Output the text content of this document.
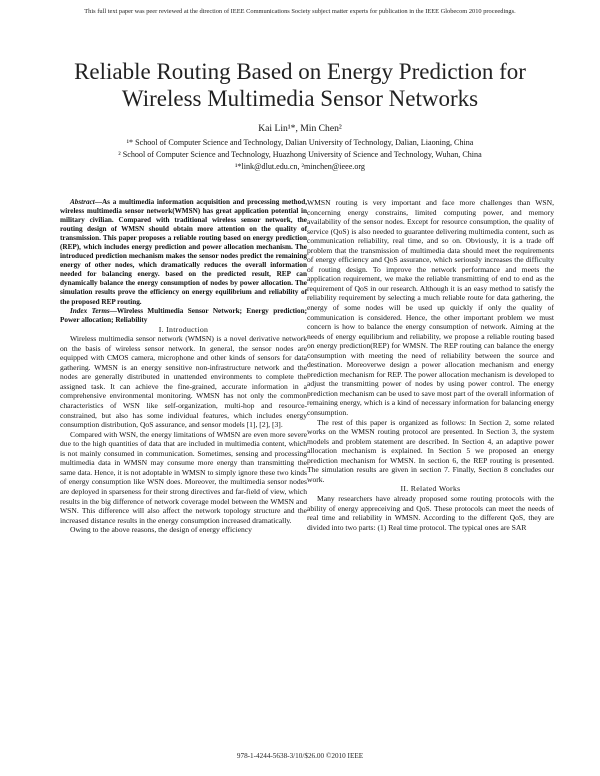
This full text paper was peer reviewed at the direction of IEEE Communications Society subject matter experts for publication in the IEEE Globecom 2010 proceedings.
Reliable Routing Based on Energy Prediction for
Wireless Multimedia Sensor Networks
Kai Lin¹*, Min Chen²
¹* School of Computer Science and Technology, Dalian University of Technology, Dalian, Liaoning, China
² School of Computer Science and Technology, Huazhong University of Science and Technology, Wuhan, China
¹*link@dlut.edu.cn, ²minchen@ieee.org

Abstract—As a multimedia information acquisition and processing method, wireless multimedia sensor network(WMSN) has great application potential in military civilian. Compared with traditional wireless sensor network, the routing design of WMSN should obtain more attention on the quality of transmission. This paper proposes a reliable routing based on energy prediction (REP), which includes energy prediction and power allocation mechanism. The introduced prediction mechanism makes the sensor nodes predict the remaining energy of other nodes, which dramatically reduces the overall information needed for balancing energy. based on the predicted result, REP can dynamically balance the energy consumption of nodes by power allocation. The simulation results prove the efficiency on energy equilibrium and reliability of the proposed REP routing.

Index Terms—Wireless Multimedia Sensor Network; Energy prediction; Power allocation; Reliability

I. Introduction

Wireless multimedia sensor network (WMSN) is a novel derivative network on the basis of wireless sensor network. In general, the sensor nodes are equipped with CMOS camera, microphone and other kinds of sensors for data gathering. WMSN is an energy sensitive non-infrastructure network and the nodes are generally distributed in unattended environments to complete the assigned task. It can achieve the fine-grained, accurate information in a comprehensive environmental monitoring. WMSN has not only the common characteristics of WSN like self-organization, multi-hop and resource-constrained, but also has some individual features, which includes energy consumption distribution, QoS assurance, and sensor models [1], [2], [3].

Compared with WSN, the energy limitations of WMSN are even more severe due to the high quantities of data that are included in multimedia content, which is not mainly consumed in communication. Sometimes, sensing and processing multimedia data in WMSN may consume more energy than transmitting the same data. Hence, it is not adoptable in WMSN to simply ignore these two kinds of energy consumption like WSN does. Moreover, the multimedia sensor nodes are deployed in sparseness for their strong directives and far-field of view, which results in the big difference of network coverage model between the WMSN and WSN. This difference will also affect the network topology structure and the increased distance results in the energy consumption increased dramatically.

Owing to the above reasons, the design of energy efficiency

WMSN routing is very important and face more challenges than WSN, concerning energy constrains, limited computing power, and memory availability of the sensor nodes. Except for resource consumption, the quality of service (QoS) is also needed to guarantee delivering multimedia content, such as communication reliability, real time, and so on. Obviously, it is a trade off problem that the transmission of multimedia data should meet the requirements of energy efficiency and QoS assurance, which seriously increases the difficulty of routing design. To improve the network performance and meets the application requirement, we make the reliable transmitting of end to end as the requirement of QoS in our research. Although it is an easy method to satisfy the reliability requirement by selecting a much reliable route for data gathering, the energy of some nodes will be used up quickly if only the quality of communication is considered. Hence, the other important problem we must concern is how to balance the energy consumption of network. Aiming at the needs of energy equilibrium and reliability, we propose a reliable routing based on energy prediction(REP) for WMSN. The REP routing can balance the energy consumption with meeting the need of reliability between the source and destination. Moreoverwe design a power allocation mechanism and energy prediction mechanism for REP. The power allocation mechanism is developed to adjust the transmitting power of nodes by using power control. The energy prediction mechanism can be used to save most part of the overall information of remaining energy, which is a kind of necessary information for balancing energy consumption.

The rest of this paper is organized as follows: In Section 2, some related works on the WMSN routing protocol are presented. In Section 3, the system models and problem statement are described. In Section 4, an adaptive power allocation mechanism is explained. In Section 5 we proposed an energy prediction mechanism for WMSN. In section 6, the REP routing is presented. The simulation results are given in section 7. Finally, Section 8 concludes our work.

II. Related Works

Many researchers have already proposed some routing protocols with the ability of energy appreceiving and QoS. These protocols can meet the needs of real time and reliability in WMSN. According to the different QoS, they are divided into two parts: (1) Real time protocol. The typical ones are SAR

978-1-4244-5638-3/10/$26.00 ©2010 IEEE
